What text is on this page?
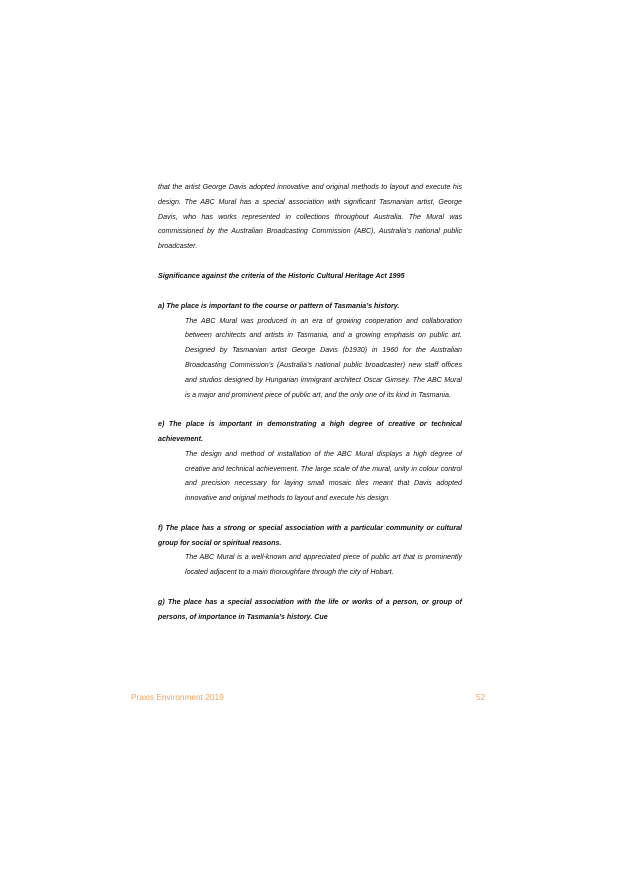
that the artist George Davis adopted innovative and original methods to layout and execute his design. The ABC Mural has a special association with significant Tasmanian artist, George Davis, who has works represented in collections throughout Australia. The Mural was commissioned by the Australian Broadcasting Commission (ABC), Australia’s national public broadcaster.

Significance against the criteria of the Historic Cultural Heritage Act 1995

a) The place is important to the course or pattern of Tasmania’s history.

The ABC Mural was produced in an era of growing cooperation and collaboration between architects and artists in Tasmania, and a growing emphasis on public art. Designed by Tasmanian artist George Davis (b1930) in 1960 for the Australian Broadcasting Commission’s (Australia’s national public broadcaster) new staff offices and studios designed by Hungarian immigrant architect Oscar Gimsey. The ABC Mural is a major and prominent piece of public art, and the only one of its kind in Tasmania.

e) The place is important in demonstrating a high degree of creative or technical achievement.

The design and method of installation of the ABC Mural displays a high degree of creative and technical achievement. The large scale of the mural, unity in colour control and precision necessary for laying small mosaic tiles meant that Davis adopted innovative and original methods to layout and execute his design.

f) The place has a strong or special association with a particular community or cultural group for social or spiritual reasons.

The ABC Mural is a well-known and appreciated piece of public art that is prominently located adjacent to a main thoroughfare through the city of Hobart.

g) The place has a special association with the life or works of a person, or group of persons, of importance in Tasmania’s history. Cue

Praxis Environment 2019	52
